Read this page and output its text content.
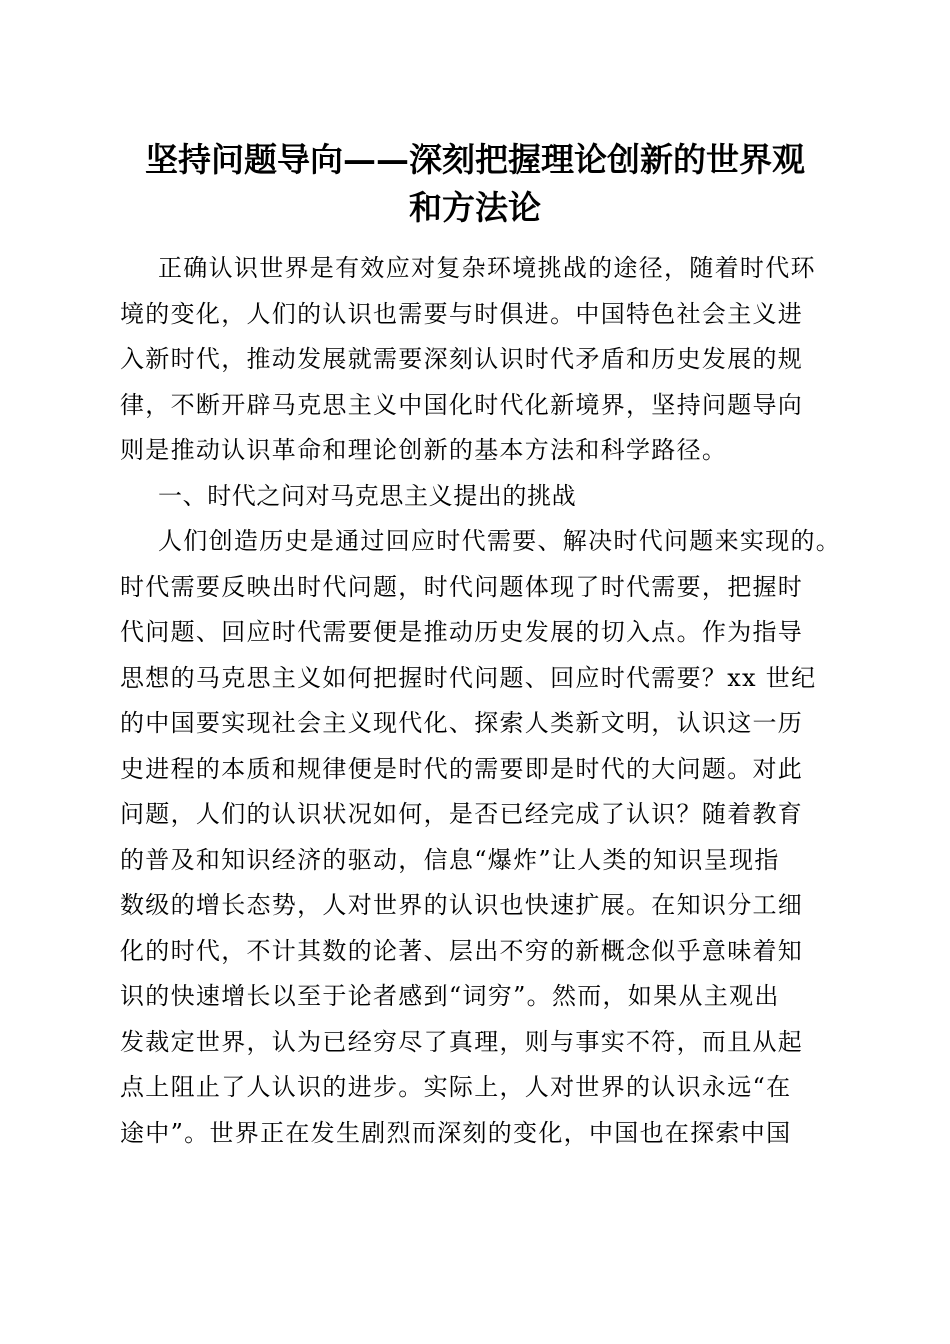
坚持问题导向——深刻把握理论创新的世界观
和方法论
正确认识世界是有效应对复杂环境挑战的途径，随着时代环
境的变化，人们的认识也需要与时俱进。中国特色社会主义进
入新时代，推动发展就需要深刻认识时代矛盾和历史发展的规
律，不断开辟马克思主义中国化时代化新境界，坚持问题导向
则是推动认识革命和理论创新的基本方法和科学路径。
一、时代之问对马克思主义提出的挑战
人们创造历史是通过回应时代需要、解决时代问题来实现的。
时代需要反映出时代问题，时代问题体现了时代需要，把握时
代问题、回应时代需要便是推动历史发展的切入点。作为指导
思想的马克思主义如何把握时代问题、回应时代需要？xx 世纪
的中国要实现社会主义现代化、探索人类新文明，认识这一历
史进程的本质和规律便是时代的需要即是时代的大问题。对此
问题，人们的认识状况如何，是否已经完成了认识？随着教育
的普及和知识经济的驱动，信息“爆炸”让人类的知识呈现指
数级的增长态势，人对世界的认识也快速扩展。在知识分工细
化的时代，不计其数的论著、层出不穷的新概念似乎意味着知
识的快速增长以至于论者感到“词穷”。然而，如果从主观出
发裁定世界，认为已经穷尽了真理，则与事实不符，而且从起
点上阻止了人认识的进步。实际上，人对世界的认识永远“在
途中”。世界正在发生剧烈而深刻的变化，中国也在探索中国
